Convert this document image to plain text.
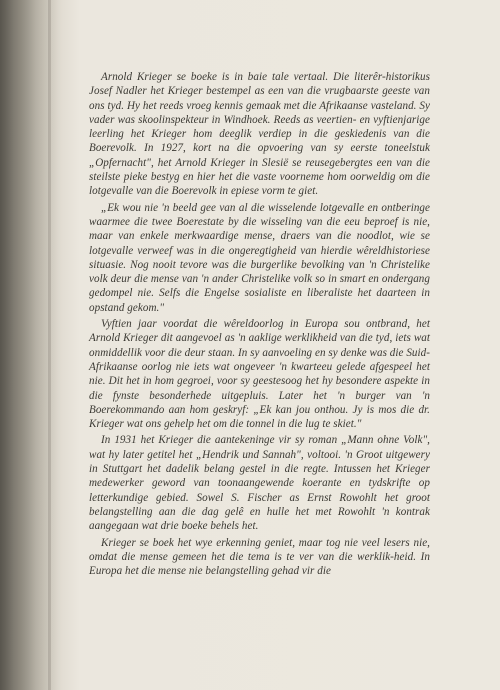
Arnold Krieger se boeke is in baie tale vertaal. Die literêr-historikus Josef Nadler het Krieger bestempel as een van die vrugbaarste geeste van ons tyd. Hy het reeds vroeg kennis gemaak met die Afrikaanse vasteland. Sy vader was skoolinspekteur in Windhoek. Reeds as veertien- en vyftienjarige leerling het Krieger hom deeglik verdiep in die geskiedenis van die Boerevolk. In 1927, kort na die opvoering van sy eerste toneelstuk „Opfernacht", het Arnold Krieger in Slesië se reusegebergtes een van die steilste pieke bestyg en hier het die vaste voorneme hom oorweldig om die lotgevalle van die Boerevolk in epiese vorm te giet.

„Ek wou nie 'n beeld gee van al die wisselende lotgevalle en ontberinge waarmee die twee Boerestate by die wisseling van die eeu beproef is nie, maar van enkele merkwaardige mense, draers van die noodlot, wie se lotgevalle verweef was in die ongeregtigheid van hierdie wêreldhistoriese situasie. Nog nooit tevore was die burgerlike bevolking van 'n Christelike volk deur die mense van 'n ander Christelike volk so in smart en ondergang gedompel nie. Selfs die Engelse sosialiste en liberaliste het daarteen in opstand gekom."

Vyftien jaar voordat die wêreldoorlog in Europa sou ontbrand, het Arnold Krieger dit aangevoel as 'n aaklige werklikheid van die tyd, iets wat onmiddellik voor die deur staan. In sy aanvoeling en sy denke was die Suid-Afrikaanse oorlog nie iets wat ongeveer 'n kwarteeu gelede afgespeel het nie. Dit het in hom gegroei, voor sy geestesoog het hy besondere aspekte in die fynste besonderhede uitgepluis. Later het 'n burger van 'n Boerekommando aan hom geskryf: „Ek kan jou onthou. Jy is mos die dr. Krieger wat ons gehelp het om die tonnel in die lug te skiet."

In 1931 het Krieger die aantekeninge vir sy roman „Mann ohne Volk", wat hy later getitel het „Hendrik und Sannah", voltooi. 'n Groot uitgewery in Stuttgart het dadelik belang gestel in die regte. Intussen het Krieger medewerker geword van toonaangewende koerante en tydskrifte op letterkundige gebied. Sowel S. Fischer as Ernst Rowohlt het groot belangstelling aan die dag gelê en hulle het met Rowohlt 'n kontrak aangegaan wat drie boeke behels het.

Krieger se boek het wye erkenning geniet, maar tog nie veel lesers nie, omdat die mense gemeen het die tema is te ver van die werklik-heid. In Europa het die mense nie belangstelling gehad vir die
